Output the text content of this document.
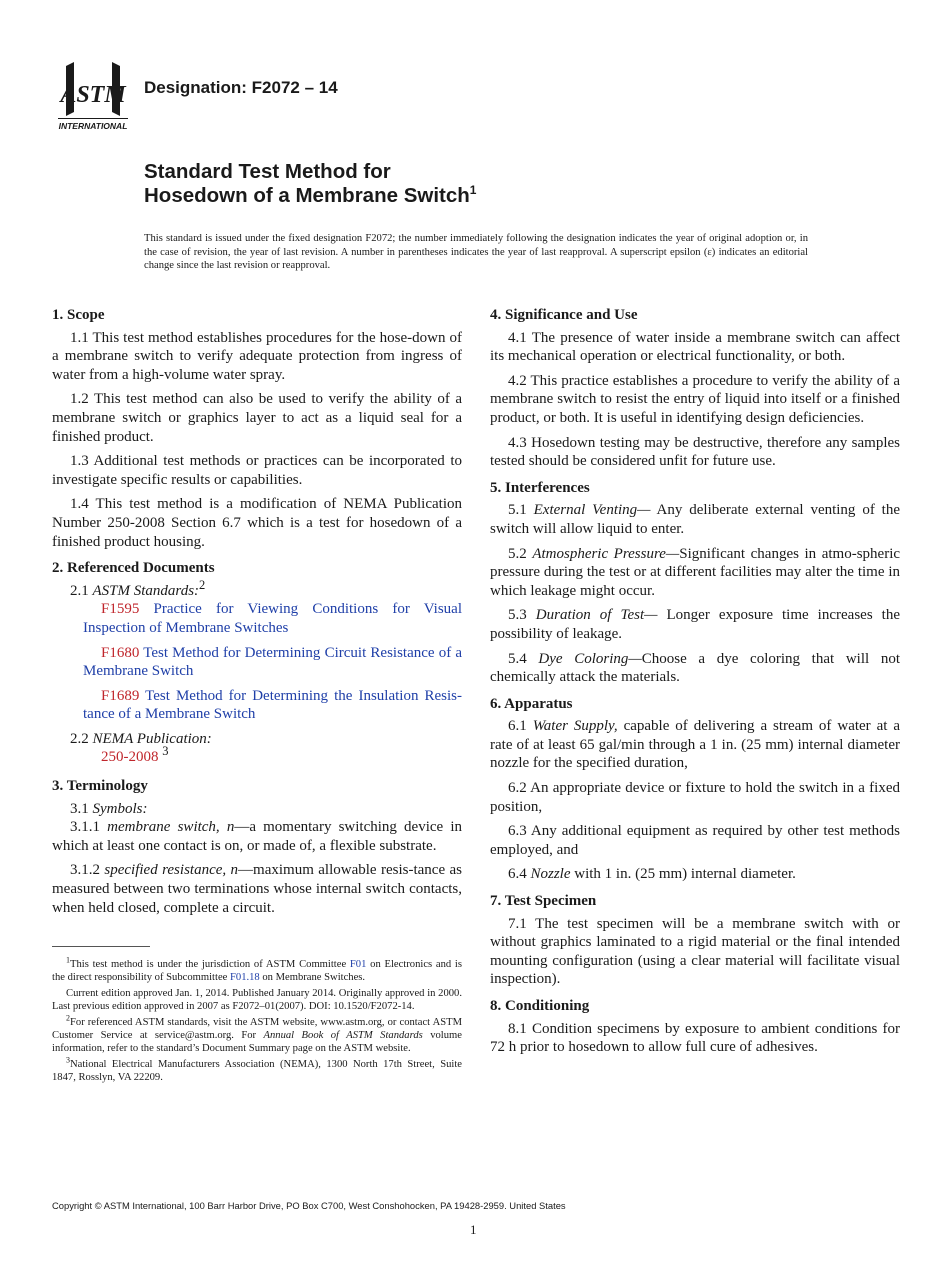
ASTM
INTERNATIONAL
Designation: F2072 – 14
Standard Test Method for
Hosedown of a Membrane Switch$^1$
This standard is issued under the fixed designation F2072; the number immediately following the designation indicates the year of original adoption or, in the case of revision, the year of last revision. A number in parentheses indicates the year of last reapproval. A superscript epsilon (ε) indicates an editorial change since the last revision or reapproval.
1. Scope

1.1 This test method establishes procedures for the hose-down of a membrane switch to verify adequate protection from ingress of water from a high-volume water spray.

1.2 This test method can also be used to verify the ability of a membrane switch or graphics layer to act as a liquid seal for a finished product.

1.3 Additional test methods or practices can be incorporated to investigate specific results or capabilities.

1.4 This test method is a modification of NEMA Publication Number 250-2008 Section 6.7 which is a test for hosedown of a finished product housing.

2. Referenced Documents

2.1 ASTM Standards:$^2$

F1595 Practice for Viewing Conditions for Visual Inspection of Membrane Switches

F1680 Test Method for Determining Circuit Resistance of a Membrane Switch

F1689 Test Method for Determining the Insulation Resis-tance of a Membrane Switch

2.2 NEMA Publication:

250-2008 $^3$

3. Terminology

3.1 Symbols:

3.1.1 membrane switch, n—a momentary switching device in which at least one contact is on, or made of, a flexible substrate.

3.1.2 specified resistance, n—maximum allowable resis-tance as measured between two terminations whose internal switch contacts, when held closed, complete a circuit.

$^1$This test method is under the jurisdiction of ASTM Committee F01 on Electronics and is the direct responsibility of Subcommittee F01.18 on Membrane Switches.

Current edition approved Jan. 1, 2014. Published January 2014. Originally approved in 2000. Last previous edition approved in 2007 as F2072–01(2007). DOI: 10.1520/F2072-14.

$^2$For referenced ASTM standards, visit the ASTM website, www.astm.org, or contact ASTM Customer Service at service@astm.org. For Annual Book of ASTM Standards volume information, refer to the standard’s Document Summary page on the ASTM website.

$^3$National Electrical Manufacturers Association (NEMA), 1300 North 17th Street, Suite 1847, Rosslyn, VA 22209.

4. Significance and Use

4.1 The presence of water inside a membrane switch can affect its mechanical operation or electrical functionality, or both.

4.2 This practice establishes a procedure to verify the ability of a membrane switch to resist the entry of liquid into itself or a finished product, or both. It is useful in identifying design deficiencies.

4.3 Hosedown testing may be destructive, therefore any samples tested should be considered unfit for future use.

5. Interferences

5.1 External Venting— Any deliberate external venting of the switch will allow liquid to enter.

5.2 Atmospheric Pressure—Significant changes in atmo-spheric pressure during the test or at different facilities may alter the time in which leakage might occur.

5.3 Duration of Test— Longer exposure time increases the possibility of leakage.

5.4 Dye Coloring—Choose a dye coloring that will not chemically attack the materials.

6. Apparatus

6.1 Water Supply, capable of delivering a stream of water at a rate of at least 65 gal/min through a 1 in. (25 mm) internal diameter nozzle for the specified duration,

6.2 An appropriate device or fixture to hold the switch in a fixed position,

6.3 Any additional equipment as required by other test methods employed, and

6.4 Nozzle with 1 in. (25 mm) internal diameter.

7. Test Specimen

7.1 The test specimen will be a membrane switch with or without graphics laminated to a rigid material or the final intended mounting configuration (using a clear material will facilitate visual inspection).

8. Conditioning

8.1 Condition specimens by exposure to ambient conditions for 72 h prior to hosedown to allow full cure of adhesives.

Copyright © ASTM International, 100 Barr Harbor Drive, PO Box C700, West Conshohocken, PA 19428-2959. United States
1
